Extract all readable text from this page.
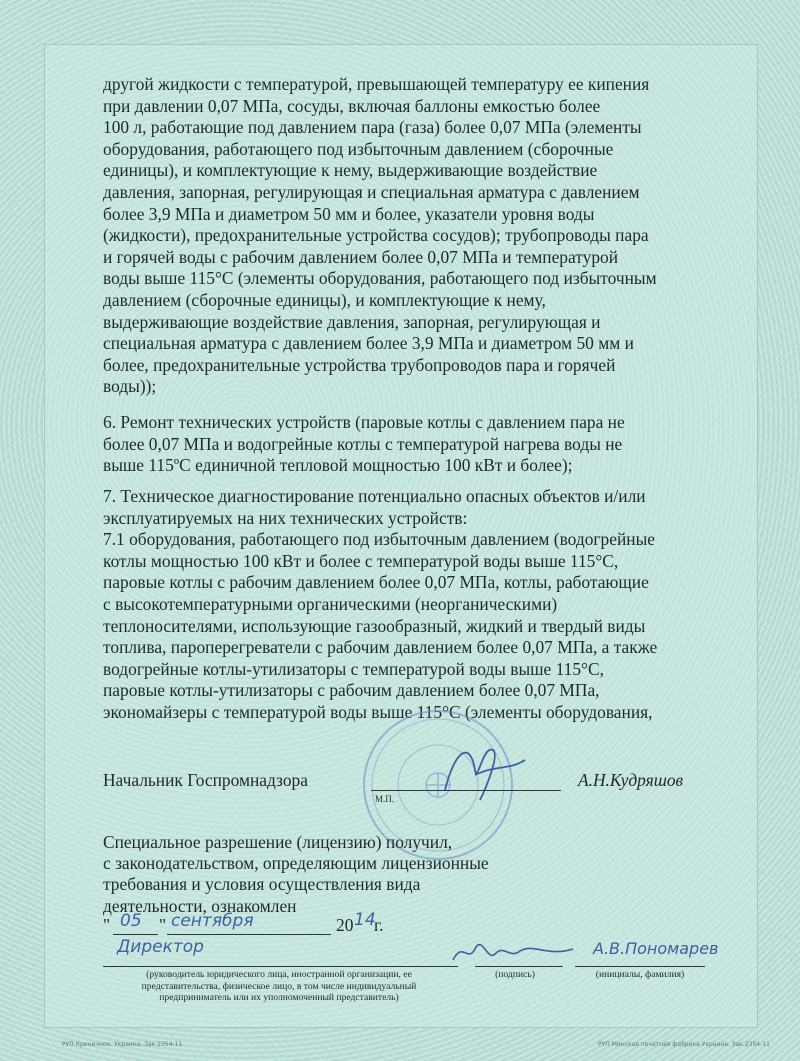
другой жидкости с температурой, превышающей температуру ее кипения

при давлении 0,07 МПа, сосуды, включая баллоны емкостью более

100 л, работающие под давлением пара (газа) более 0,07 МПа (элементы

оборудования, работающего под избыточным давлением (сборочные

единицы), и комплектующие к нему, выдерживающие воздействие

давления, запорная, регулирующая и специальная арматура с давлением

более 3,9 МПа и диаметром 50 мм и более, указатели уровня воды

(жидкости), предохранительные устройства сосудов); трубопроводы пара

и горячей воды с рабочим давлением более 0,07 МПа и температурой

воды выше 115°С (элементы оборудования, работающего под избыточным

давлением (сборочные единицы), и комплектующие к нему,

выдерживающие воздействие давления, запорная, регулирующая и

специальная арматура с давлением более 3,9 МПа и диаметром 50 мм и

более, предохранительные устройства трубопроводов пара и горячей

воды));

6. Ремонт технических устройств (паровые котлы с давлением пара не

более 0,07 МПа и водогрейные котлы с температурой нагрева воды не

выше 115ºС единичной тепловой мощностью 100 кВт и более);

7. Техническое диагностирование потенциально опасных объектов и/или

эксплуатируемых на них технических устройств:

7.1 оборудования, работающего под избыточным давлением (водогрейные

котлы мощностью 100 кВт и более с температурой воды выше 115°С,

паровые котлы с рабочим давлением более 0,07 МПа, котлы, работающие

с высокотемпературными органическими (неорганическими)

теплоносителями, использующие газообразный, жидкий и твердый виды

топлива, пароперегреватели с рабочим давлением более 0,07 МПа, а также

водогрейные котлы-утилизаторы с температурой воды выше 115°С,

паровые котлы-утилизаторы с рабочим давлением более 0,07 МПа,

экономайзеры с температурой воды выше 115°С (элементы оборудования,

Начальник Госпромнадзора
М.П.
А.Н.Кудряшов

Специальное разрешение (лицензию) получил,

с законодательством, определяющим лицензионные

требования и условия осуществления вида

деятельности, ознакомлен

" 05 " сентября	20 14
г.
Директор	А.В.Пономарев
(руководитель юридического лица, иностранной организации, ее
представительства, физическое лицо, в том числе индивидуальный
предприниматель или их уполномоченный представитель)
(подпись)	(инициалы, фамилия)
РУП Криничное. Украина. Зак.2354-11	РУП Минская печатная фабрика Украина. Зак.2354-11
